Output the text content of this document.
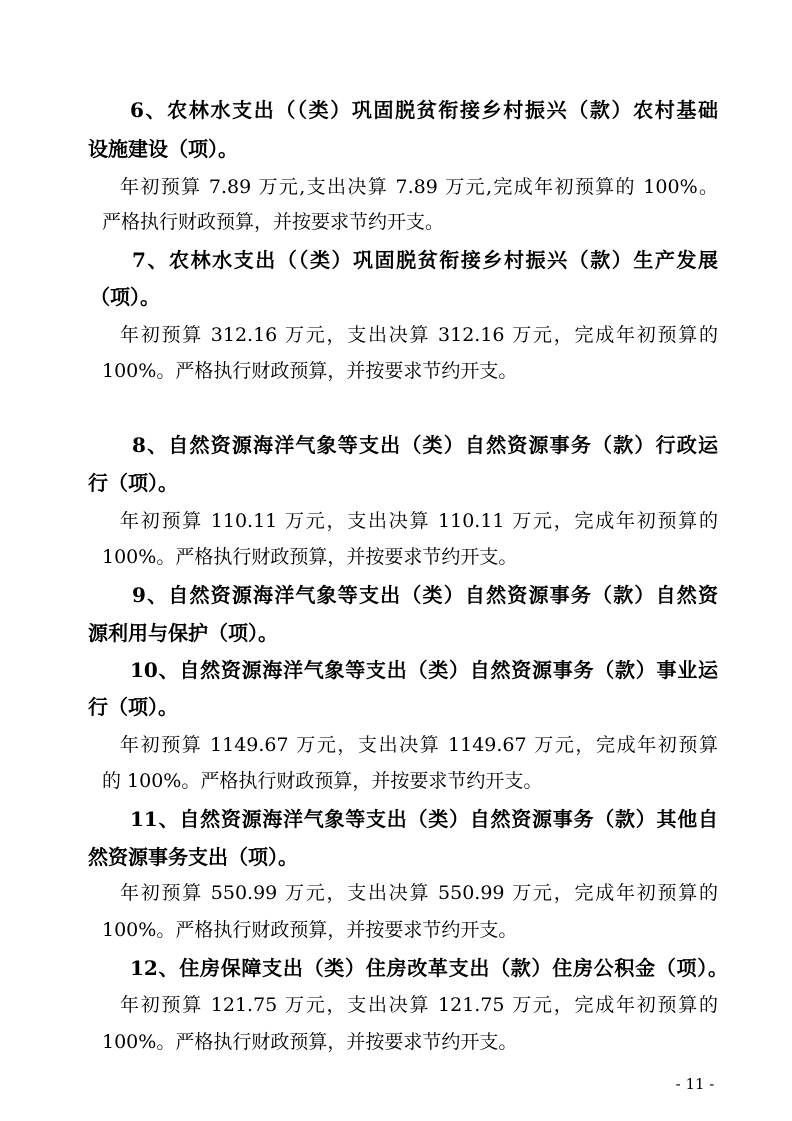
6、农林水支出（（类）巩固脱贫衔接乡村振兴（款）农村基础
设施建设（项）。
年初预算 7.89 万元,支出决算 7.89 万元,完成年初预算的 100%。
严格执行财政预算，并按要求节约开支。
7、农林水支出（（类）巩固脱贫衔接乡村振兴（款）生产发展
（项）。
年初预算 312.16 万元，支出决算 312.16 万元，完成年初预算的
100%。严格执行财政预算，并按要求节约开支。
8、自然资源海洋气象等支出（类）自然资源事务（款）行政运
行（项）。
年初预算 110.11 万元，支出决算 110.11 万元，完成年初预算的
100%。严格执行财政预算，并按要求节约开支。
9、自然资源海洋气象等支出（类）自然资源事务（款）自然资
源利用与保护（项）。
10、自然资源海洋气象等支出（类）自然资源事务（款）事业运
行（项）。
年初预算 1149.67 万元，支出决算 1149.67 万元，完成年初预算
的 100%。严格执行财政预算，并按要求节约开支。
11、自然资源海洋气象等支出（类）自然资源事务（款）其他自
然资源事务支出（项）。
年初预算 550.99 万元，支出决算 550.99 万元，完成年初预算的
100%。严格执行财政预算，并按要求节约开支。
12、住房保障支出（类）住房改革支出（款）住房公积金（项）。
年初预算 121.75 万元，支出决算 121.75 万元，完成年初预算的
100%。严格执行财政预算，并按要求节约开支。
- 11 -
